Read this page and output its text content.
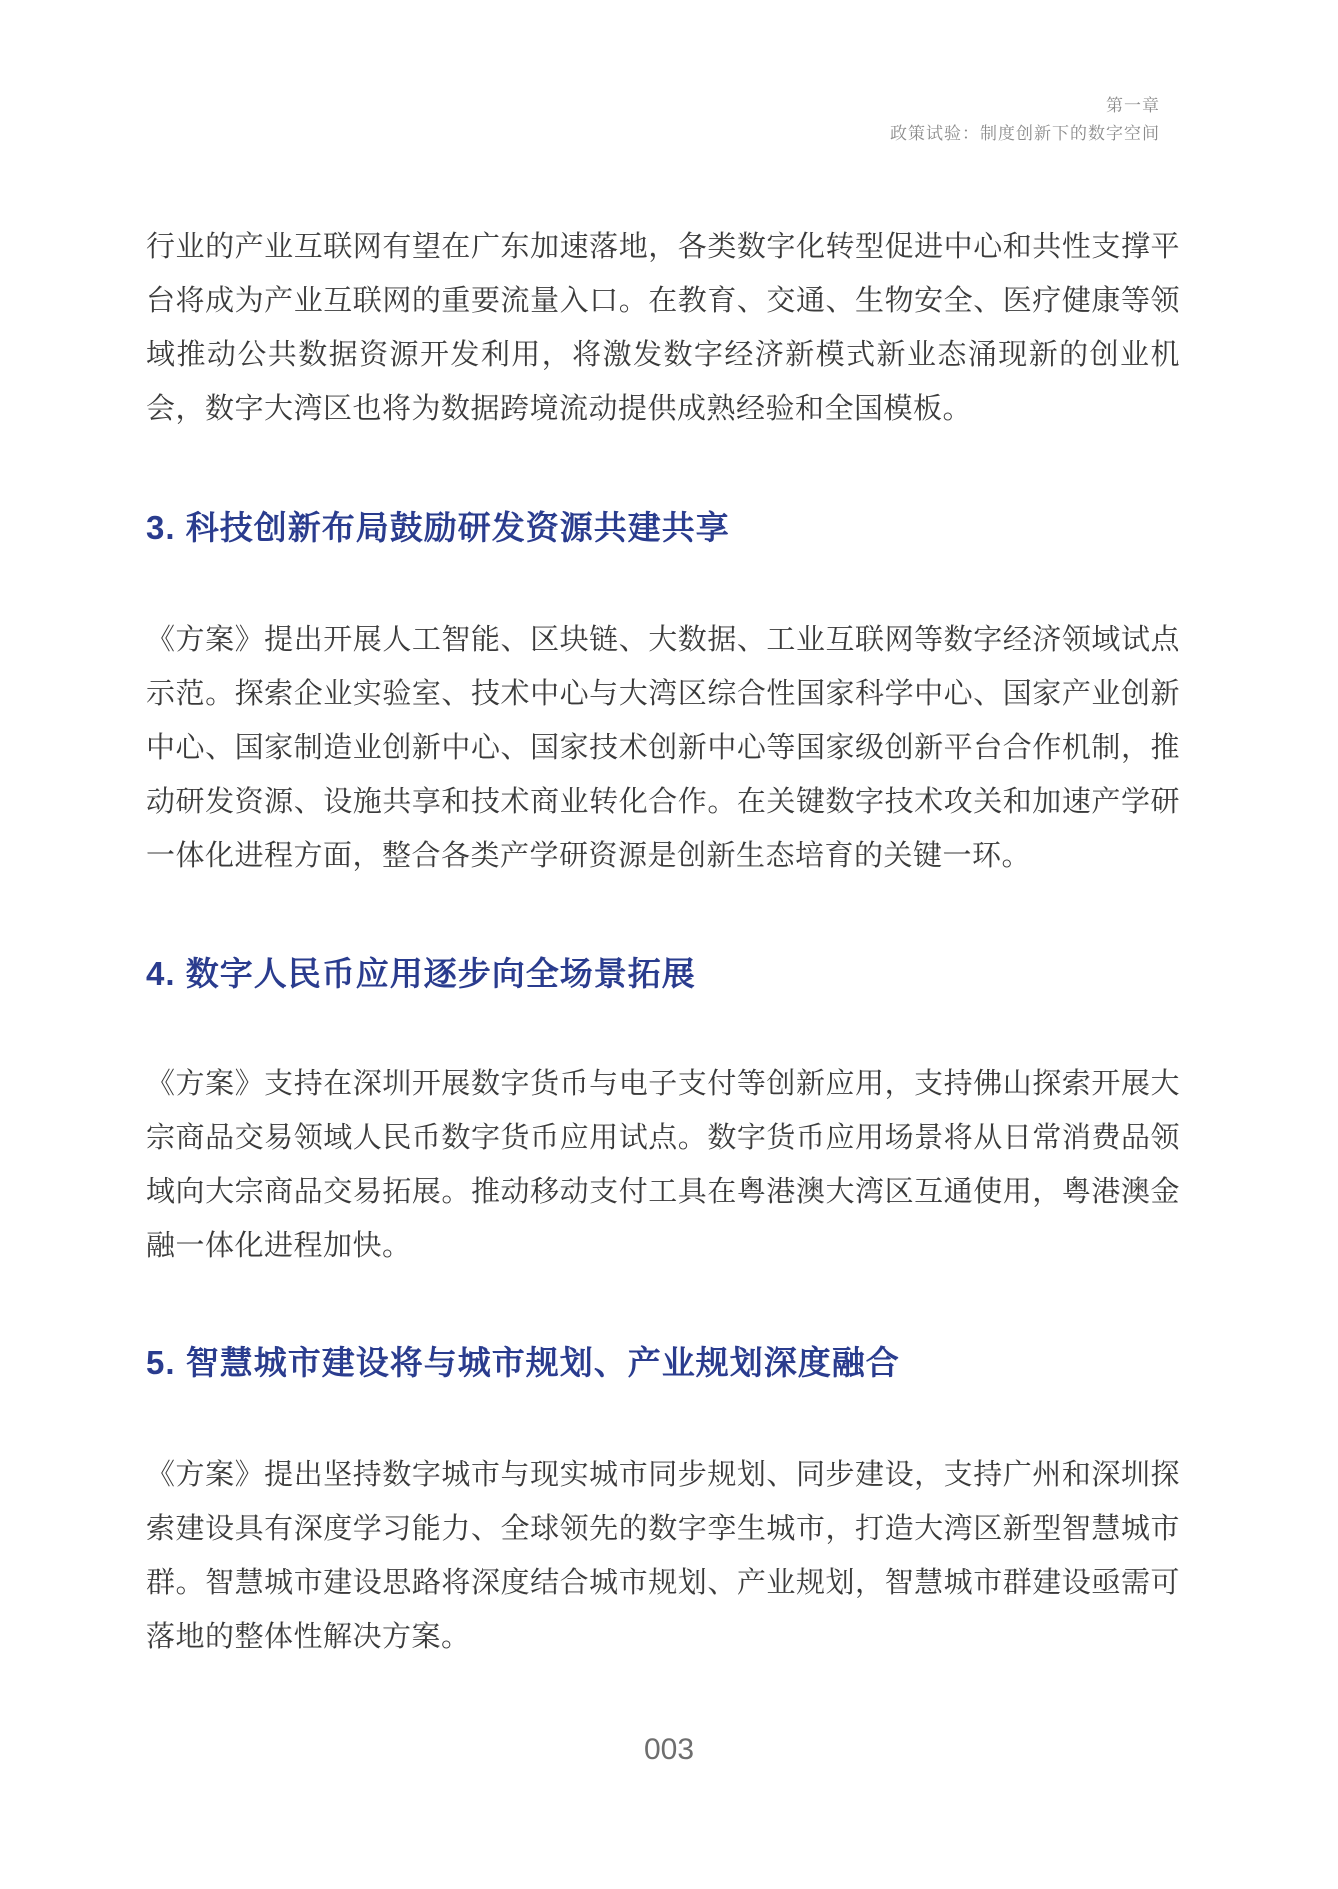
第一章
政策试验：制度创新下的数字空间

行业的产业互联网有望在广东加速落地，各类数字化转型促进中心和共性支撑平台将成为产业互联网的重要流量入口。在教育、交通、生物安全、医疗健康等领域推动公共数据资源开发利用，将激发数字经济新模式新业态涌现新的创业机会，数字大湾区也将为数据跨境流动提供成熟经验和全国模板。

3. 科技创新布局鼓励研发资源共建共享

《方案》提出开展人工智能、区块链、大数据、工业互联网等数字经济领域试点示范。探索企业实验室、技术中心与大湾区综合性国家科学中心、国家产业创新中心、国家制造业创新中心、国家技术创新中心等国家级创新平台合作机制，推动研发资源、设施共享和技术商业转化合作。在关键数字技术攻关和加速产学研一体化进程方面，整合各类产学研资源是创新生态培育的关键一环。

4. 数字人民币应用逐步向全场景拓展

《方案》支持在深圳开展数字货币与电子支付等创新应用，支持佛山探索开展大宗商品交易领域人民币数字货币应用试点。数字货币应用场景将从日常消费品领域向大宗商品交易拓展。推动移动支付工具在粤港澳大湾区互通使用，粤港澳金融一体化进程加快。

5. 智慧城市建设将与城市规划、产业规划深度融合

《方案》提出坚持数字城市与现实城市同步规划、同步建设，支持广州和深圳探索建设具有深度学习能力、全球领先的数字孪生城市，打造大湾区新型智慧城市群。智慧城市建设思路将深度结合城市规划、产业规划，智慧城市群建设亟需可落地的整体性解决方案。

003
